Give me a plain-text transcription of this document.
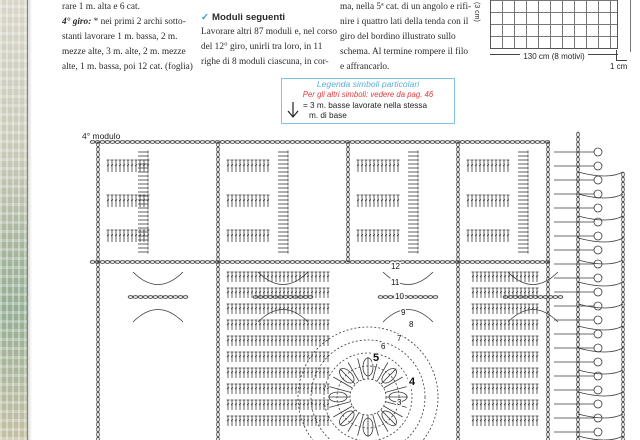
rare 1 m. alta e 6 cat.

4° giro: * nei primi 2 archi sotto-

stanti lavorare 1 m. bassa, 2 m.

mezze alte, 3 m. alte, 2 m. mezze

alte, 1 m. bassa, poi 12 cat. (foglia)

✓ Moduli seguenti

Lavorare altri 87 moduli e, nel corso

del 12° giro, unirli tra loro, in 11

righe di 8 moduli ciascuna, in cor-

ma, nella 5ª cat. di un angolo e rifi-

nire i quattro lati della tenda con il

giro del bordino illustrato sullo

schema. Al termine rompere il filo

e affrancarlo.

(3 cm)
130 cm (8 motivi)
1 cm
Legenda simboli particolari
Per gli altri simboli: vedere da pag. 46
= 3 m. basse lavorate nella stessa
m. di base
4° modulo
12
11
10
9
8
7
6
5
4
3
